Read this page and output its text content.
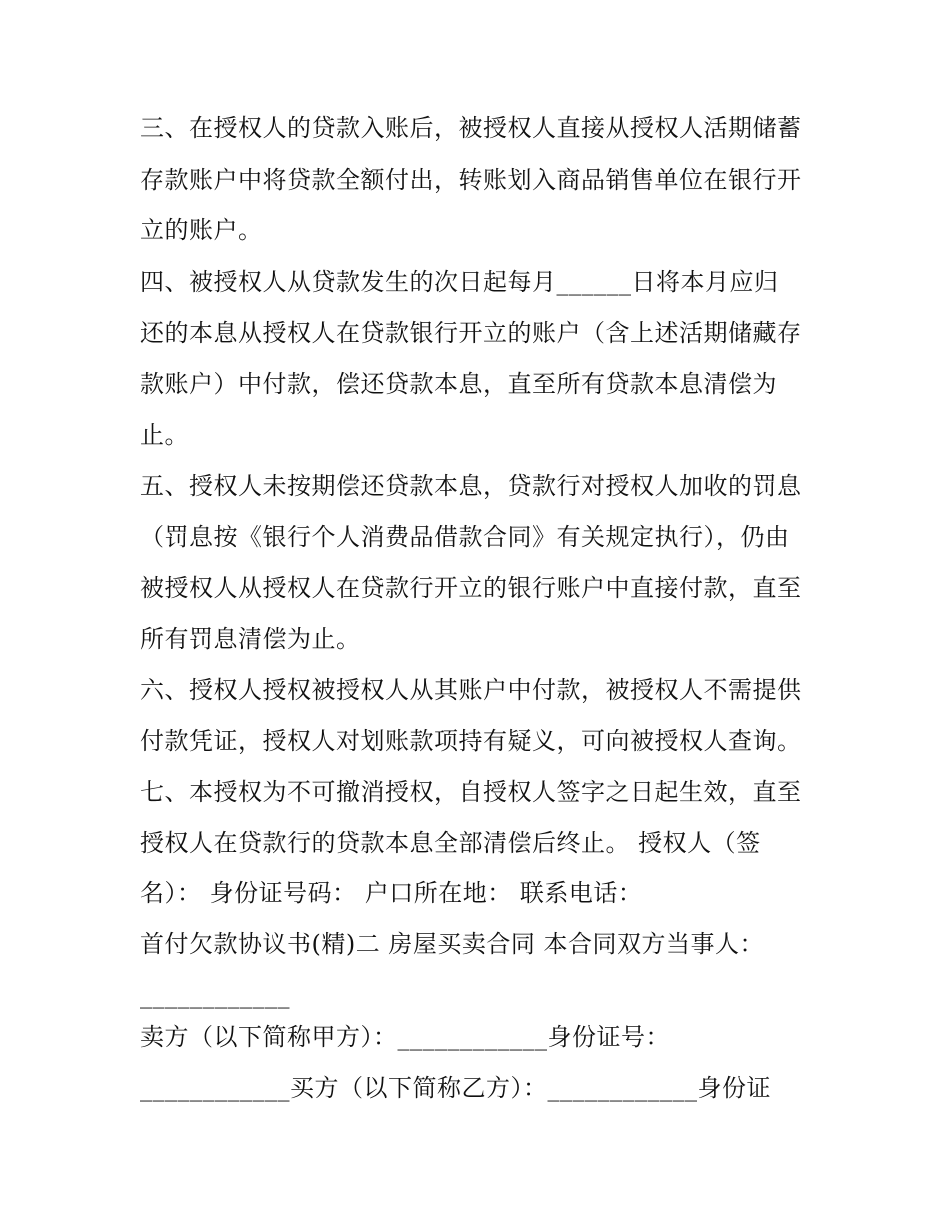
三、在授权人的贷款入账后，被授权人直接从授权人活期储蓄
存款账户中将贷款全额付出，转账划入商品销售单位在银行开
立的账户。
四、被授权人从贷款发生的次日起每月______日将本月应归
还的本息从授权人在贷款银行开立的账户（含上述活期储藏存
款账户）中付款，偿还贷款本息，直至所有贷款本息清偿为
止。
五、授权人未按期偿还贷款本息，贷款行对授权人加收的罚息
（罚息按《银行个人消费品借款合同》有关规定执行），仍由
被授权人从授权人在贷款行开立的银行账户中直接付款，直至
所有罚息清偿为止。
六、授权人授权被授权人从其账户中付款，被授权人不需提供
付款凭证，授权人对划账款项持有疑义，可向被授权人查询。
七、本授权为不可撤消授权，自授权人签字之日起生效，直至
授权人在贷款行的贷款本息全部清偿后终止。 授权人（签
名）： 身份证号码： 户口所在地： 联系电话：
首付欠款协议书(精)二 房屋买卖合同 本合同双方当事人：
____________
卖方（以下简称甲方）：____________身份证号：
____________买方（以下简称乙方）：____________身份证
